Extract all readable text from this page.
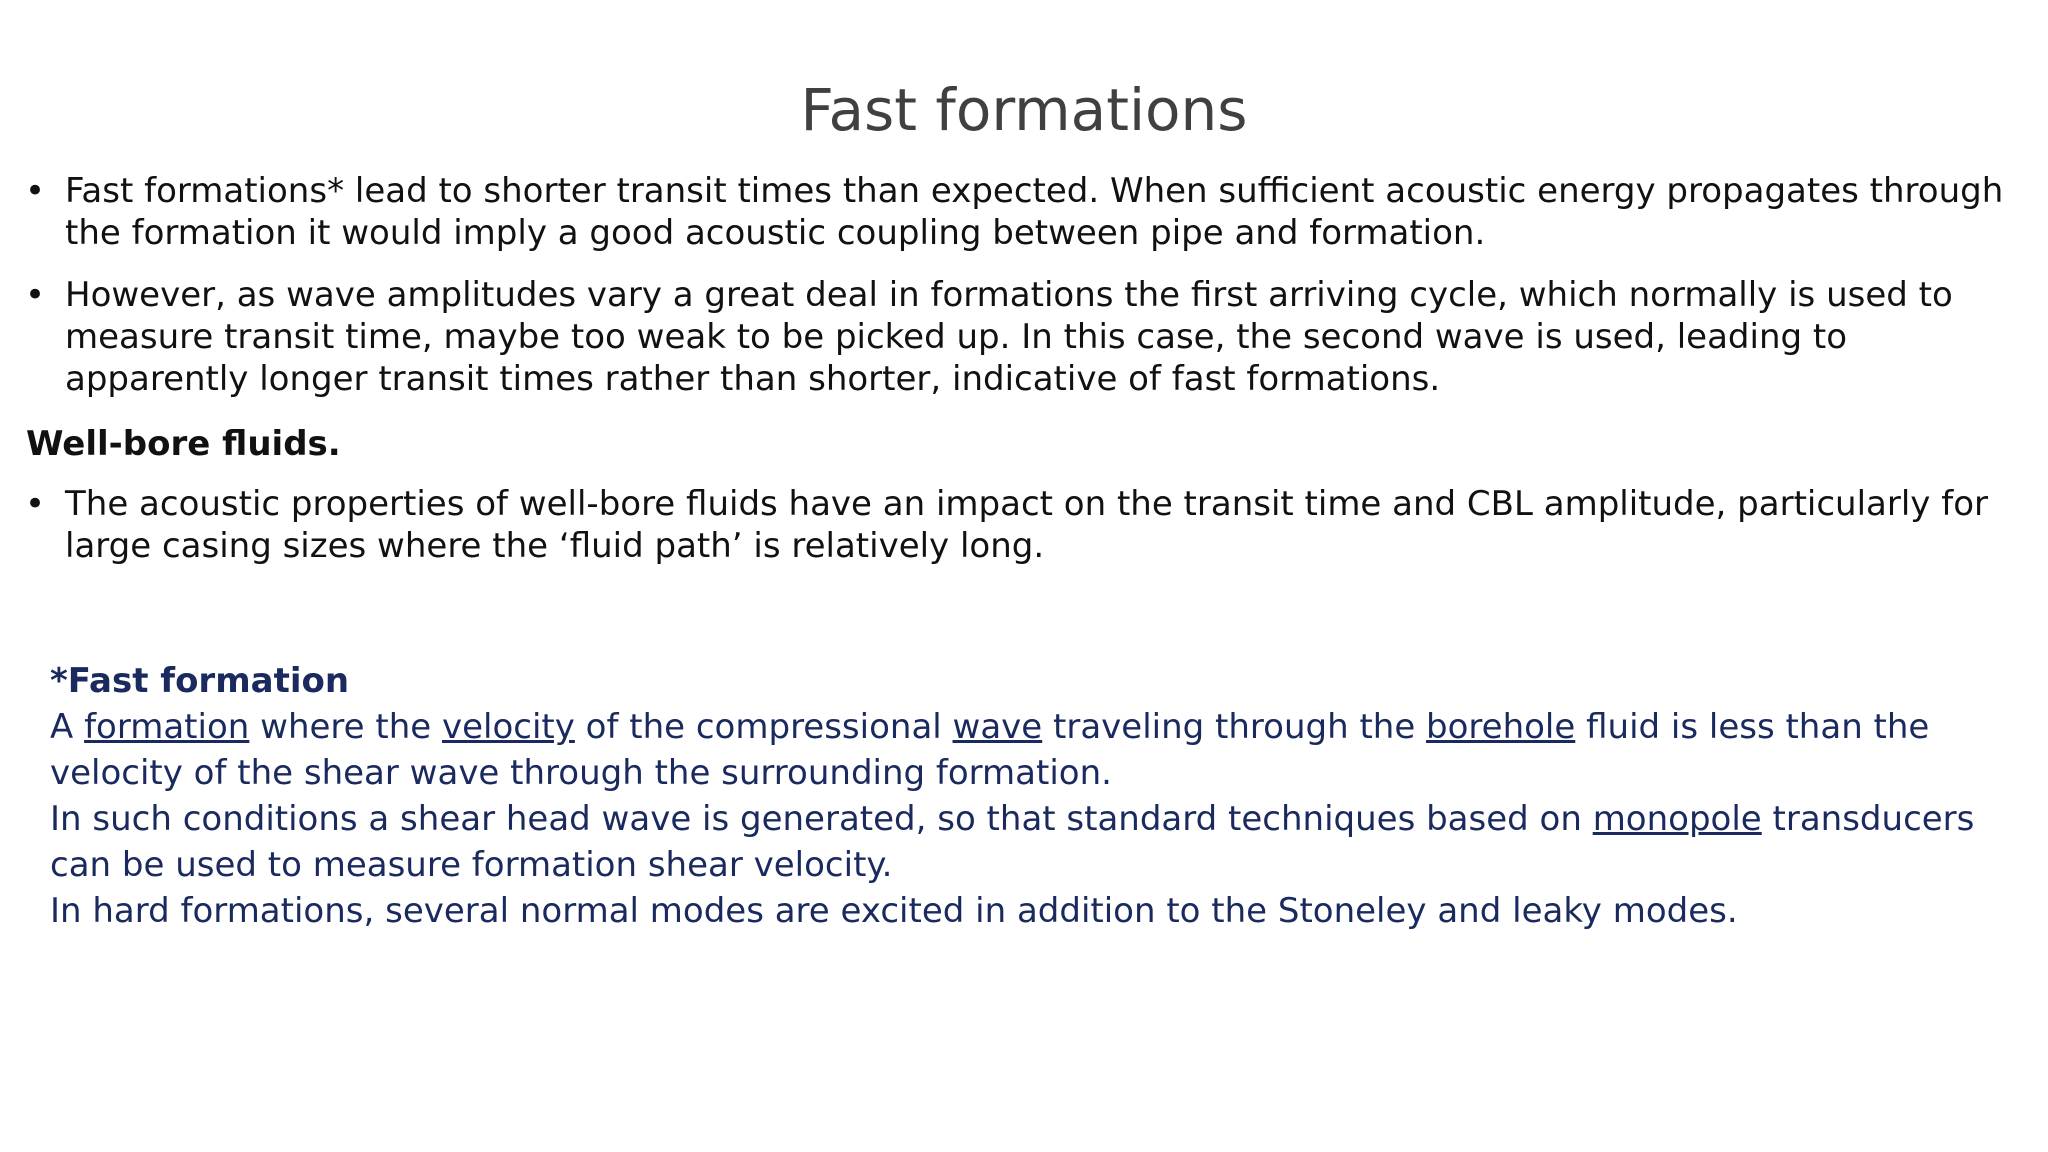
Fast formations
• Fast formations* lead to shorter transit times than expected. When sufficient acoustic energy propagates through the formation it would imply a good acoustic coupling between pipe and formation.
• However, as wave amplitudes vary a great deal in formations the first arriving cycle, which normally is used to measure transit time, maybe too weak to be picked up. In this case, the second wave is used, leading to apparently longer transit times rather than shorter, indicative of fast formations.
Well-bore fluids.
• The acoustic properties of well-bore fluids have an impact on the transit time and CBL amplitude, particularly for large casing sizes where the ‘fluid path’ is relatively long.

*Fast formation

A formation where the velocity of the compressional wave traveling through the borehole fluid is less than the velocity of the shear wave through the surrounding formation.

In such conditions a shear head wave is generated, so that standard techniques based on monopole transducers can be used to measure formation shear velocity.

In hard formations, several normal modes are excited in addition to the Stoneley and leaky modes.
